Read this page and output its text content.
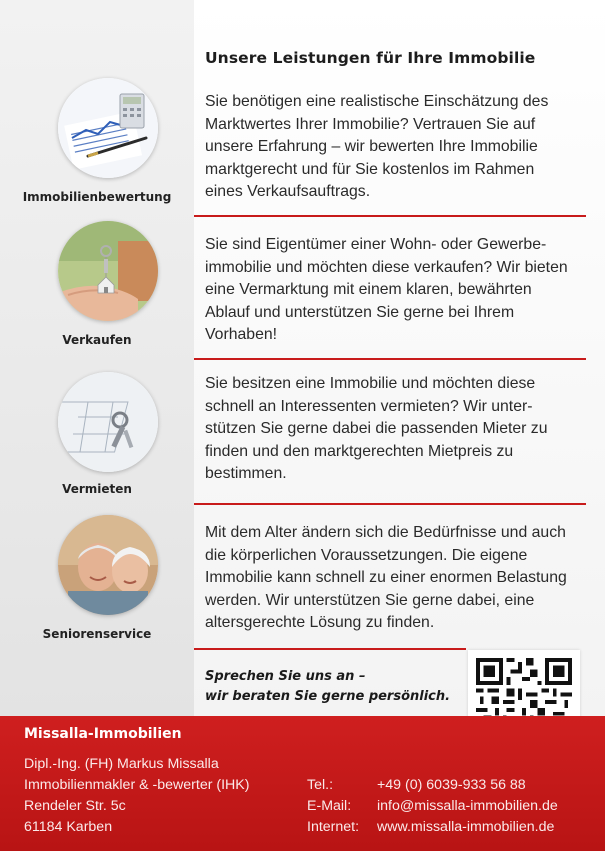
Unsere Leistungen für Ihre Immobilie
Immobilienbewertung
Sie benötigen eine realistische Einschätzung des
Marktwertes Ihrer Immobilie? Vertrauen Sie auf
unsere Erfahrung – wir bewerten Ihre Immobilie
marktgerecht und für Sie kostenlos im Rahmen
eines Verkaufsauftrags.
Verkaufen
Sie sind Eigentümer einer Wohn- oder Gewerbe-
immobilie und möchten diese verkaufen? Wir bieten
eine Vermarktung mit einem klaren, bewährten
Ablauf und unterstützen Sie gerne bei Ihrem
Vorhaben!
Vermieten
Sie besitzen eine Immobilie und möchten diese
schnell an Interessenten vermieten? Wir unter-
stützen Sie gerne dabei die passenden Mieter zu
finden und den marktgerechten Mietpreis zu
bestimmen.
Seniorenservice
Mit dem Alter ändern sich die Bedürfnisse und auch
die körperlichen Voraussetzungen. Die eigene
Immobilie kann schnell zu einer enormen Belastung
werden. Wir unterstützen Sie gerne dabei, eine
altersgerechte Lösung zu finden.
Sprechen Sie uns an –
wir beraten Sie gerne persönlich.
Missalla-Immobilien
Dipl.-Ing. (FH) Markus Missalla
Immobilienmakler & -bewerter (IHK)
Rendeler Str. 5c
61184 Karben
Tel.:	+49 (0) 6039-933 56 88
E-Mail: info@missalla-immobilien.de
Internet: www.missalla-immobilien.de
